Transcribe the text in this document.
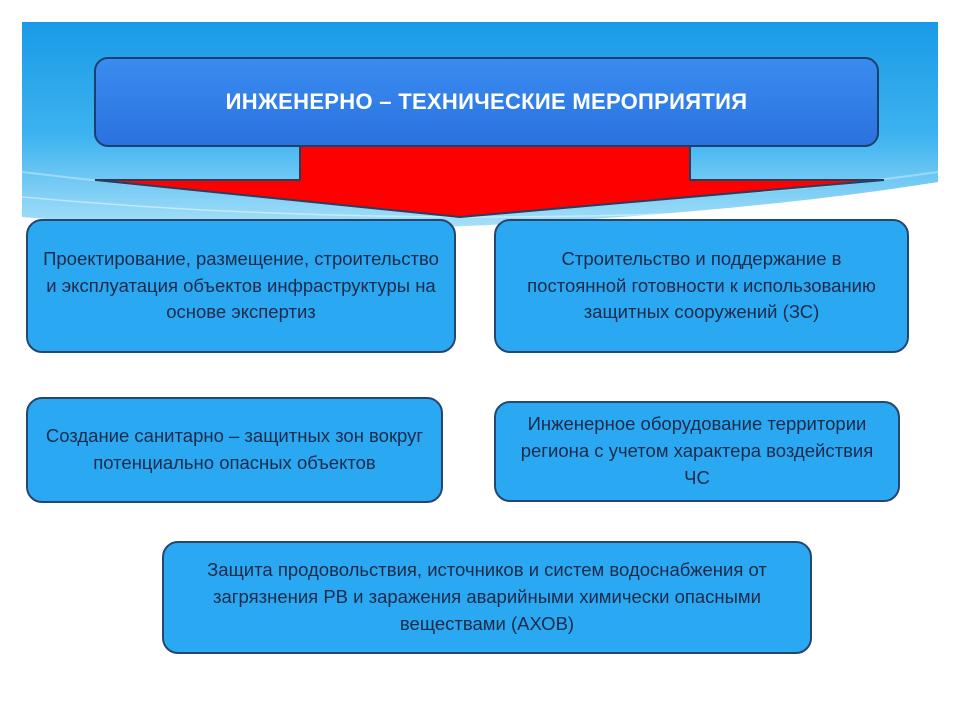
ИНЖЕНЕРНО – ТЕХНИЧЕСКИЕ МЕРОПРИЯТИЯ
Проектирование, размещение, строительство и эксплуатация объектов инфраструктуры на основе экспертиз
Строительство и поддержание в постоянной готовности к использованию защитных сооружений (ЗС)
Создание санитарно – защитных зон вокруг потенциально опасных объектов
Инженерное оборудование территории региона с учетом характера воздействия ЧС
Защита продовольствия, источников и систем водоснабжения от загрязнения РВ и заражения аварийными химически опасными веществами (АХОВ)
